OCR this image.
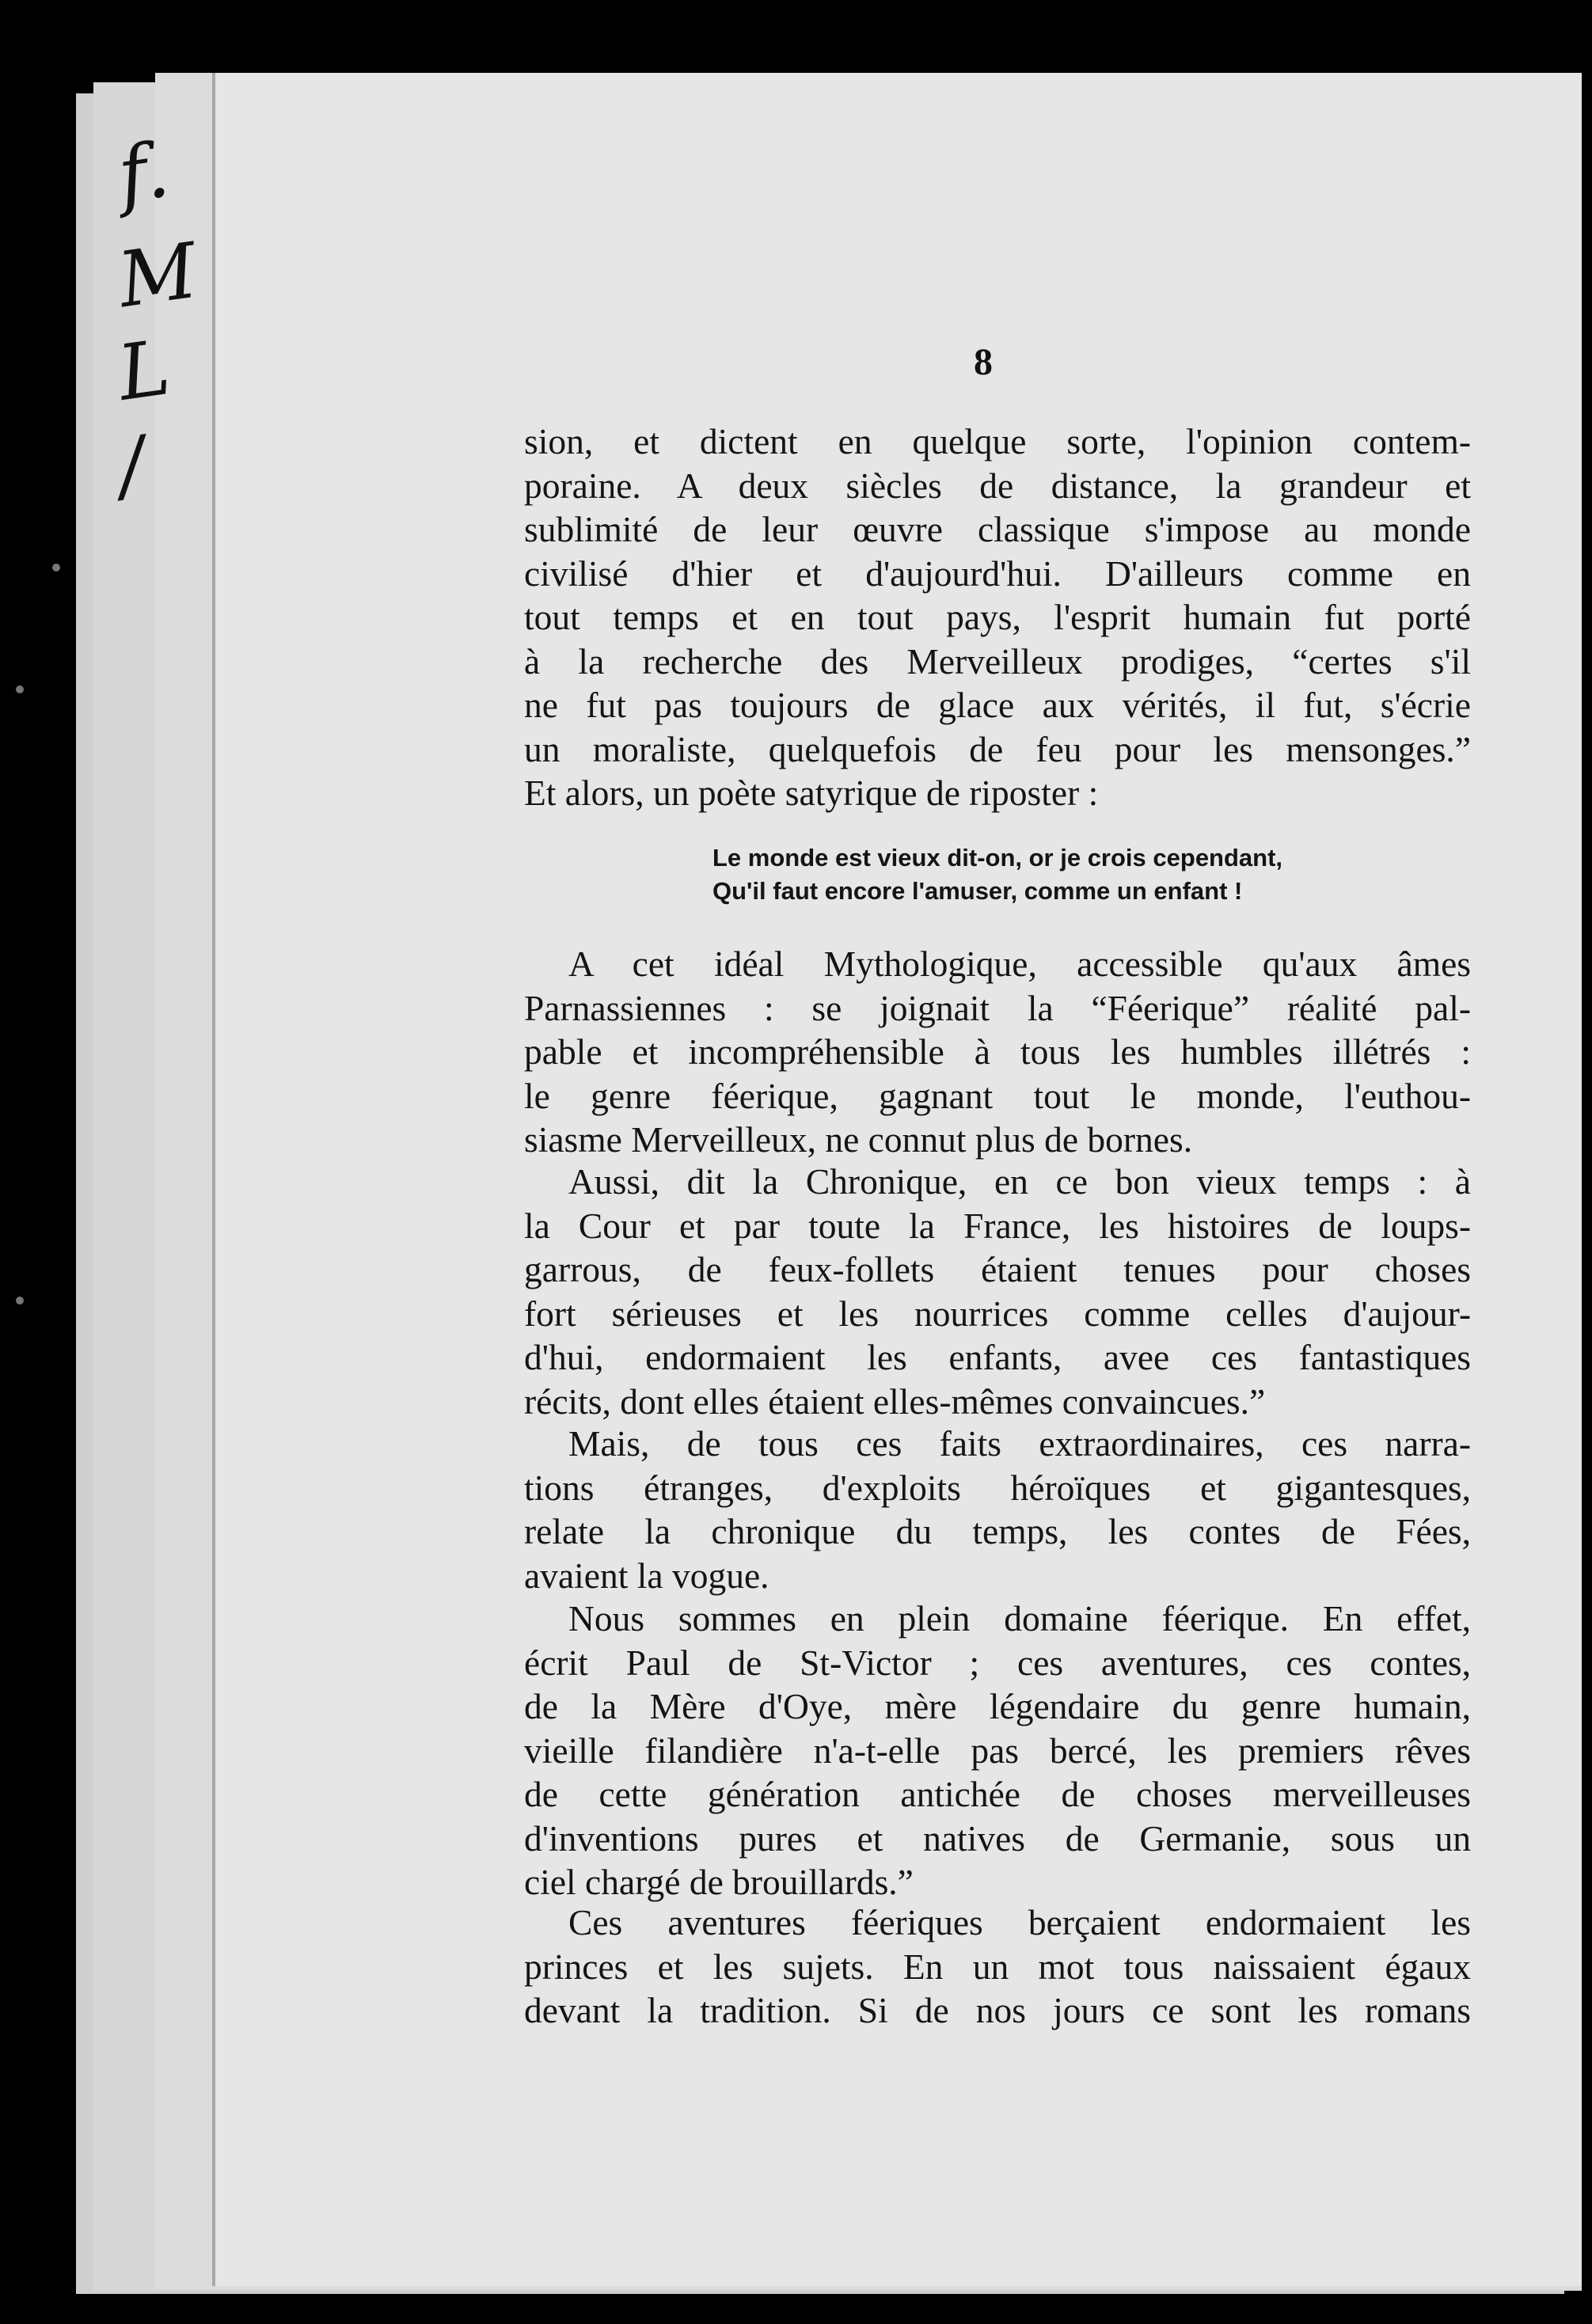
f.
M
L
/
8
sion, et dictent en quelque sorte, l'opinion contem-
poraine. A deux siècles de distance, la grandeur et
sublimité de leur œuvre classique s'impose au monde
civilisé d'hier et d'aujourd'hui. D'ailleurs comme en
tout temps et en tout pays, l'esprit humain fut porté
à la recherche des Merveilleux prodiges, “certes s'il
ne fut pas toujours de glace aux vérités, il fut, s'écrie
un moraliste, quelquefois de feu pour les mensonges.”
Et alors, un poète satyrique de riposter :
Le monde est vieux dit-on, or je crois cependant,
Qu'il faut encore l'amuser, comme un enfant !
A cet idéal Mythologique, accessible qu'aux âmes
Parnassiennes : se joignait la “Féerique” réalité pal-
pable et incompréhensible à tous les humbles illétrés :
le genre féerique, gagnant tout le monde, l'euthou-
siasme Merveilleux, ne connut plus de bornes.
Aussi, dit la Chronique, en ce bon vieux temps : à
la Cour et par toute la France, les histoires de loups-
garrous, de feux-follets étaient tenues pour choses
fort sérieuses et les nourrices comme celles d'aujour-
d'hui, endormaient les enfants, avee ces fantastiques
récits, dont elles étaient elles-mêmes convaincues.”
Mais, de tous ces faits extraordinaires, ces narra-
tions étranges, d'exploits héroïques et gigantesques,
relate la chronique du temps, les contes de Fées,
avaient la vogue.
Nous sommes en plein domaine féerique. En effet,
écrit Paul de St-Victor ; ces aventures, ces contes,
de la Mère d'Oye, mère légendaire du genre humain,
vieille filandière n'a-t-elle pas bercé, les premiers rêves
de cette génération antichée de choses merveilleuses
d'inventions pures et natives de Germanie, sous un
ciel chargé de brouillards.”
Ces aventures féeriques berçaient endormaient les
princes et les sujets. En un mot tous naissaient égaux
devant la tradition. Si de nos jours ce sont les romans
